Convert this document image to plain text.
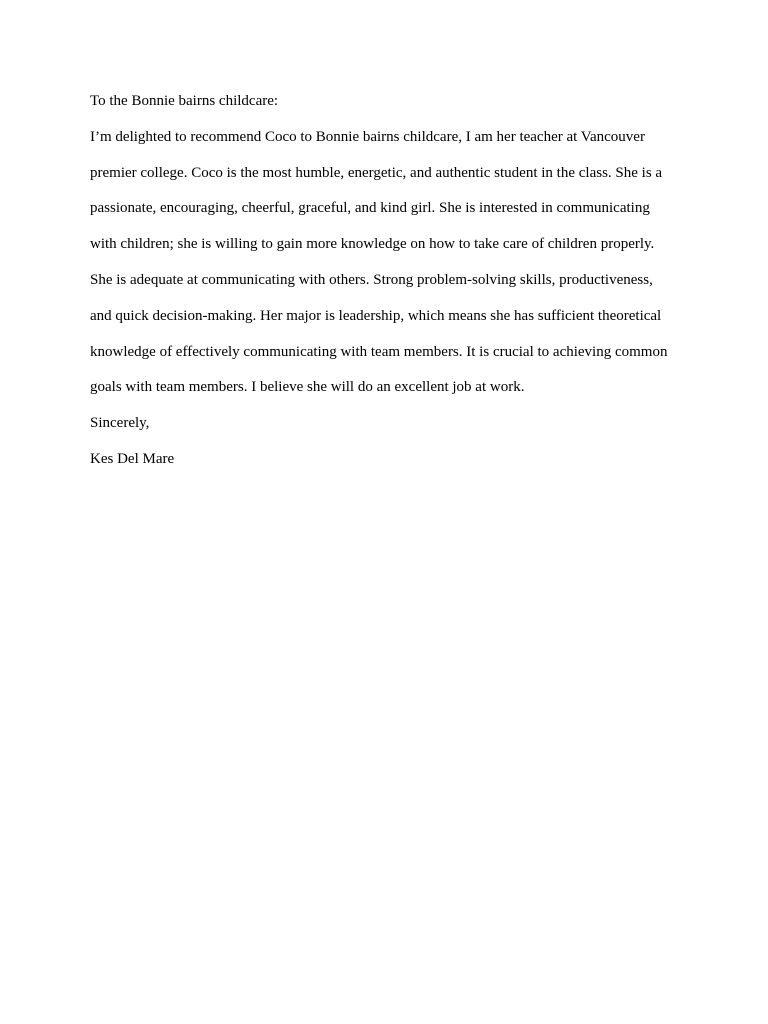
To the Bonnie bairns childcare:
I’m delighted to recommend Coco to Bonnie bairns childcare, I am her teacher at Vancouver
premier college. Coco is the most humble, energetic, and authentic student in the class. She is a
passionate, encouraging, cheerful, graceful, and kind girl. She is interested in communicating
with children; she is willing to gain more knowledge on how to take care of children properly.
She is adequate at communicating with others. Strong problem-solving skills, productiveness,
and quick decision-making. Her major is leadership, which means she has sufficient theoretical
knowledge of effectively communicating with team members. It is crucial to achieving common
goals with team members. I believe she will do an excellent job at work.
Sincerely,
Kes Del Mare
